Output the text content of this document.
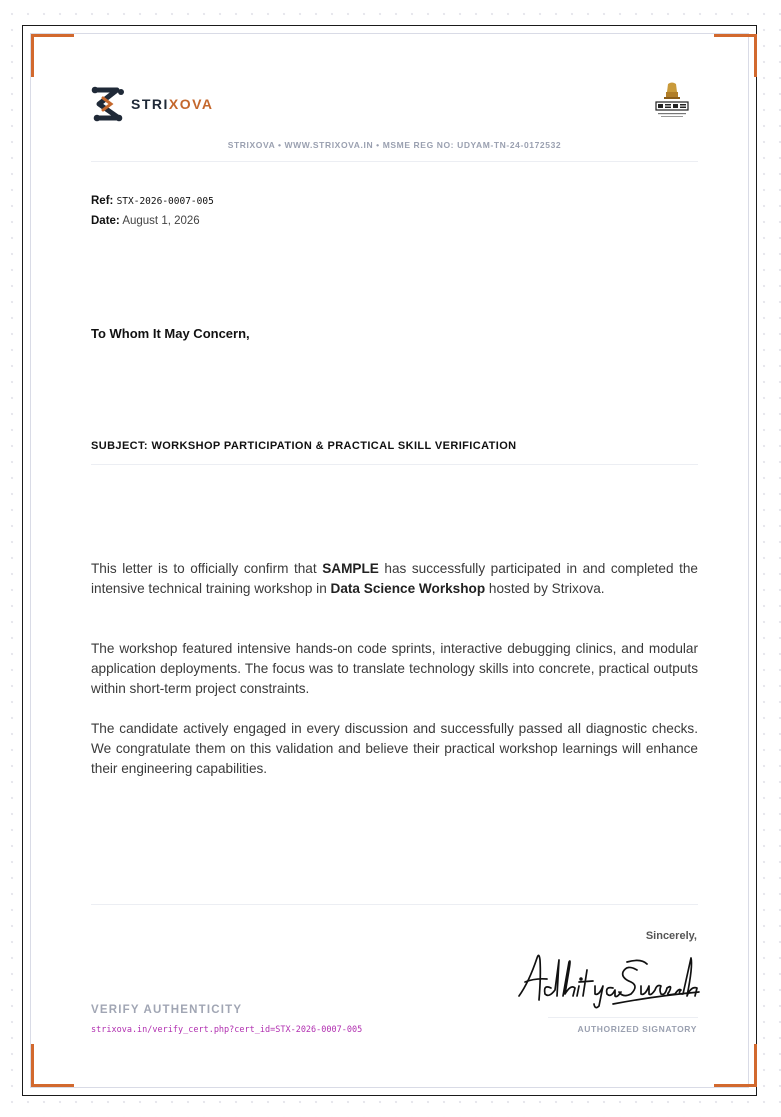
STRIXOVA
STRIXOVA • WWW.STRIXOVA.IN • MSME REG NO: UDYAM-TN-24-0172532
Ref: STX-2026-0007-005
Date: August 1, 2026
To Whom It May Concern,
SUBJECT: WORKSHOP PARTICIPATION & PRACTICAL SKILL VERIFICATION

This letter is to officially confirm that SAMPLE has successfully participated in and completed the intensive technical training workshop in Data Science Workshop hosted by Strixova.

The workshop featured intensive hands-on code sprints, interactive debugging clinics, and modular application deployments. The focus was to translate technology skills into concrete, practical outputs within short-term project constraints.

The candidate actively engaged in every discussion and successfully passed all diagnostic checks. We congratulate them on this validation and believe their practical workshop learnings will enhance their engineering capabilities.

Sincerely,
AUTHORIZED SIGNATORY
VERIFY AUTHENTICITY
strixova.in/verify_cert.php?cert_id=STX-2026-0007-005
